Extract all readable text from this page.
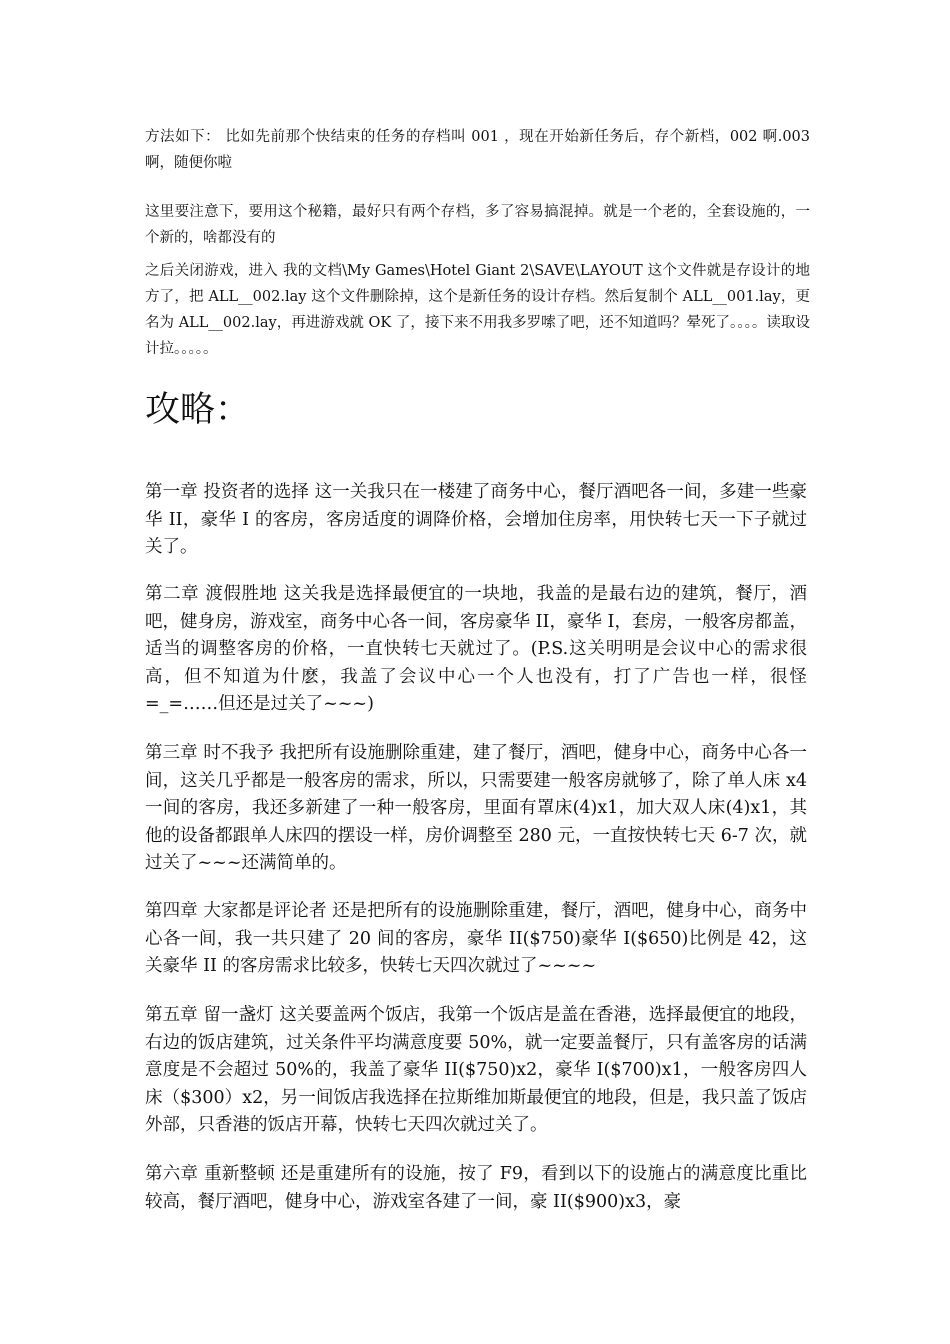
方法如下： 比如先前那个快结束的任务的存档叫 001 ，现在开始新任务后，存个新档，002 啊.003 啊，随便你啦

这里要注意下，要用这个秘籍，最好只有两个存档，多了容易搞混掉。就是一个老的，全套设施的，一个新的，啥都没有的

之后关闭游戏，进入 我的文档\My Games\Hotel Giant 2\SAVE\LAYOUT 这个文件就是存设计的地方了，把 ALL__002.lay 这个文件删除掉，这个是新任务的设计存档。然后复制个 ALL__001.lay，更名为 ALL__002.lay，再进游戏就 OK 了，接下来不用我多罗嗦了吧，还不知道吗？晕死了。。。。读取设计拉。。。。。

攻略：

第一章 投资者的选择 这一关我只在一楼建了商务中心，餐厅酒吧各一间，多建一些豪华 II，豪华 I 的客房，客房适度的调降价格，会增加住房率，用快转七天一下子就过关了。

第二章 渡假胜地 这关我是选择最便宜的一块地，我盖的是最右边的建筑，餐厅，酒吧，健身房，游戏室，商务中心各一间，客房豪华 II，豪华 I，套房，一般客房都盖，适当的调整客房的价格，一直快转七天就过了。(P.S.这关明明是会议中心的需求很高，但不知道为什麽，我盖了会议中心一个人也没有，打了广告也一样，很怪 =_=……但还是过关了~~~)

第三章 时不我予 我把所有设施删除重建，建了餐厅，酒吧，健身中心，商务中心各一间，这关几乎都是一般客房的需求，所以，只需要建一般客房就够了，除了单人床 x4 一间的客房，我还多新建了一种一般客房，里面有罩床(4)x1，加大双人床(4)x1，其他的设备都跟单人床四的摆设一样，房价调整至 280 元，一直按快转七天 6-7 次，就过关了~~~还满简单的。

第四章 大家都是评论者 还是把所有的设施删除重建，餐厅，酒吧，健身中心，商务中心各一间，我一共只建了 20 间的客房，豪华 II($750)豪华 I($650)比例是 42，这关豪华 II 的客房需求比较多，快转七天四次就过了~~~~

第五章 留一盏灯 这关要盖两个饭店，我第一个饭店是盖在香港，选择最便宜的地段，右边的饭店建筑，过关条件平均满意度要 50%，就一定要盖餐厅，只有盖客房的话满意度是不会超过 50%的，我盖了豪华 II($750)x2，豪华 I($700)x1，一般客房四人床（$300）x2，另一间饭店我选择在拉斯维加斯最便宜的地段，但是，我只盖了饭店外部，只香港的饭店开幕，快转七天四次就过关了。

第六章 重新整顿 还是重建所有的设施，按了 F9，看到以下的设施占的满意度比重比较高，餐厅酒吧，健身中心，游戏室各建了一间，豪 II($900)x3，豪
